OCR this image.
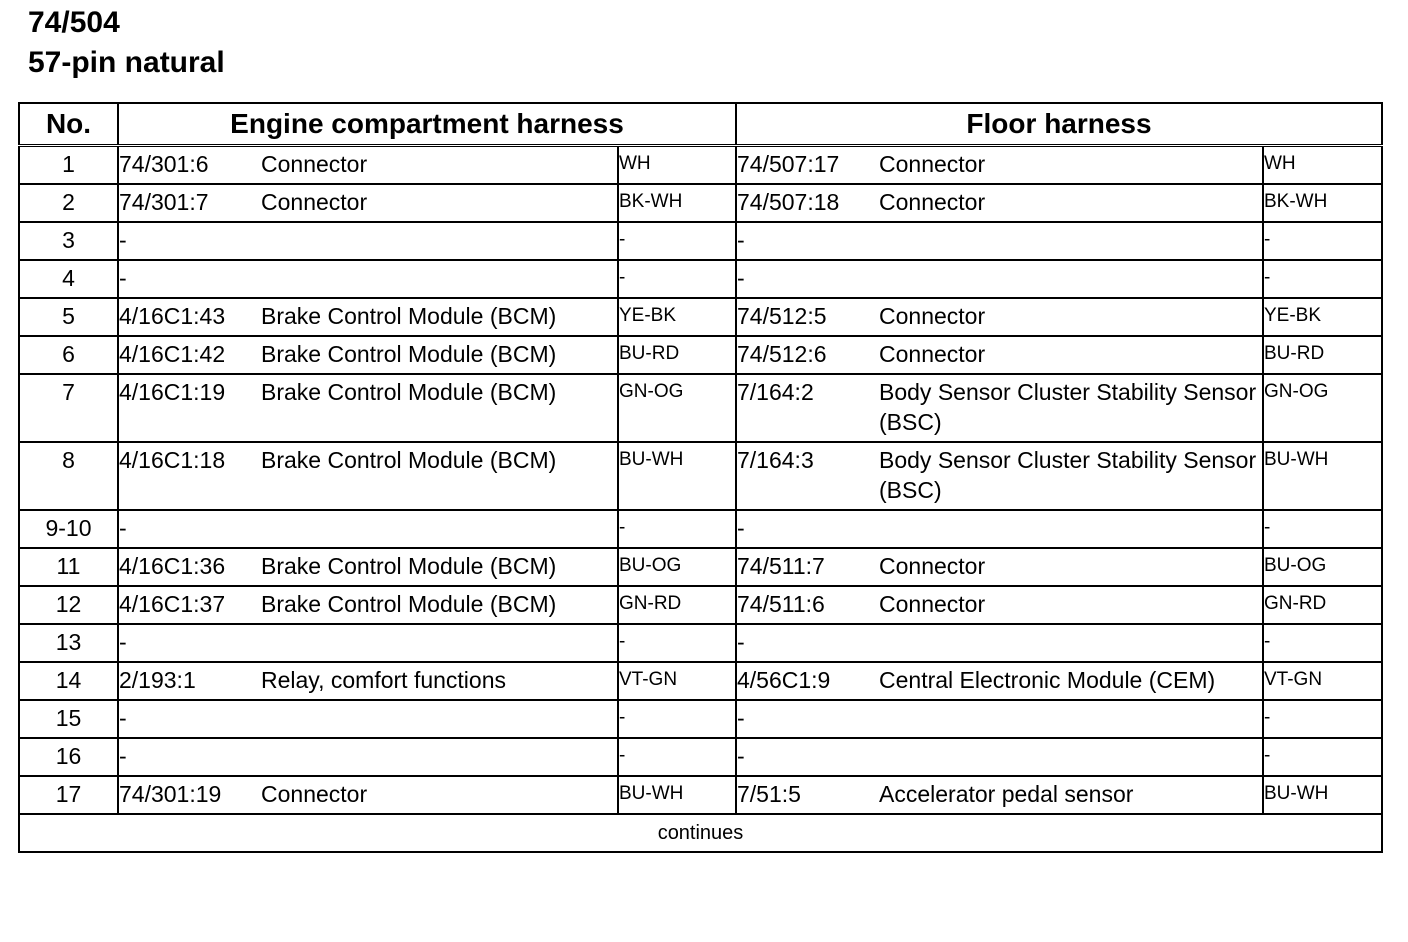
74/504
57-pin natural
No.	Engine compartment harness		Floor harness	
1	74/301:6 Connector	WH	74/507:17 Connector	WH
2	74/301:7 Connector	BK-WH	74/507:18 Connector	BK-WH
3	-	-	-	-
4	-	-	-	-
5	4/16C1:43 Brake Control Module (BCM)	YE-BK	74/512:5 Connector	YE-BK
6	4/16C1:42 Brake Control Module (BCM)	BU-RD	74/512:6 Connector	BU-RD
7	4/16C1:19 Brake Control Module (BCM)	GN-OG	7/164:2 Body Sensor Cluster Stability Sensor (BSC)	GN-OG
8	4/16C1:18 Brake Control Module (BCM)	BU-WH	7/164:3 Body Sensor Cluster Stability Sensor (BSC)	BU-WH
9-10	-	-	-	-
11	4/16C1:36 Brake Control Module (BCM)	BU-OG	74/511:7 Connector	BU-OG
12	4/16C1:37 Brake Control Module (BCM)	GN-RD	74/511:6 Connector	GN-RD
13	-	-	-	-
14	2/193:1 Relay, comfort functions	VT-GN	4/56C1:9 Central Electronic Module (CEM)	VT-GN
15	-	-	-	-
16	-	-	-	-
17	74/301:19 Connector	BU-WH	7/51:5 Accelerator pedal sensor	BU-WH
continues				
